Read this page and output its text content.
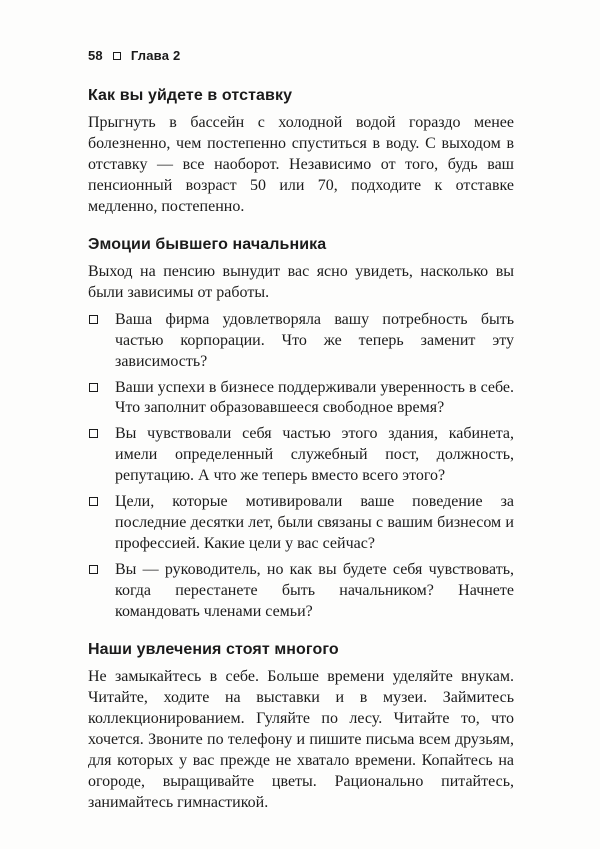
58 Глава 2
Как вы уйдете в отставку

Прыгнуть в бассейн с холодной водой гораздо менее болезненно, чем постепенно спуститься в воду. С выходом в отставку — все наоборот. Независимо от того, будь ваш пенсионный возраст 50 или 70, подходите к отставке медленно, постепенно.

Эмоции бывшего начальника

Выход на пенсию вынудит вас ясно увидеть, насколько вы были зависимы от работы.

Ваша фирма удовлетворяла вашу потребность быть частью корпорации. Что же теперь заменит эту зависимость?
Ваши успехи в бизнесе поддерживали уверенность в себе. Что заполнит образовавшееся свободное время?
Вы чувствовали себя частью этого здания, кабинета, имели определенный служебный пост, должность, репутацию. А что же теперь вместо всего этого?
Цели, которые мотивировали ваше поведение за последние десятки лет, были связаны с вашим бизнесом и профессией. Какие цели у вас сейчас?
Вы — руководитель, но как вы будете себя чувствовать, когда перестанете быть начальником? Начнете командовать членами семьи?
Наши увлечения стоят многого

Не замыкайтесь в себе. Больше времени уделяйте внукам. Читайте, ходите на выставки и в музеи. Займитесь коллекционированием. Гуляйте по лесу. Читайте то, что хочется. Звоните по телефону и пишите письма всем друзьям, для которых у вас прежде не хватало времени. Копайтесь на огороде, выращивайте цветы. Рационально питайтесь, занимайтесь гимнастикой.
